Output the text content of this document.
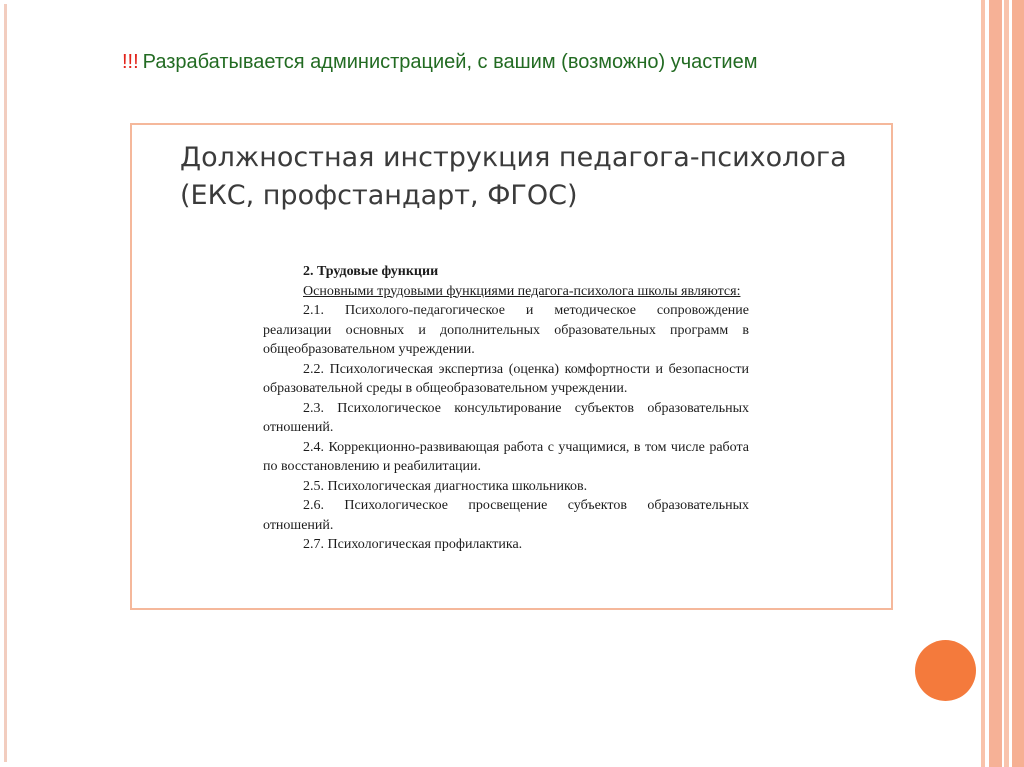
!!! Разрабатывается администрацией, с вашим (возможно) участием
Должностная инструкция педагога-психолога (ЕКС, профстандарт, ФГОС)
2. Трудовые функции
Основными трудовыми функциями педагога-психолога школы являются:
2.1. Психолого-педагогическое и методическое сопровождение реализации основных и дополнительных образовательных программ в общеобразовательном учреждении.
2.2. Психологическая экспертиза (оценка) комфортности и безопасности образовательной среды в общеобразовательном учреждении.
2.3. Психологическое консультирование субъектов образовательных отношений.
2.4. Коррекционно-развивающая работа с учащимися, в том числе работа по восстановлению и реабилитации.
2.5. Психологическая диагностика школьников.
2.6. Психологическое просвещение субъектов образовательных отношений.
2.7. Психологическая профилактика.
